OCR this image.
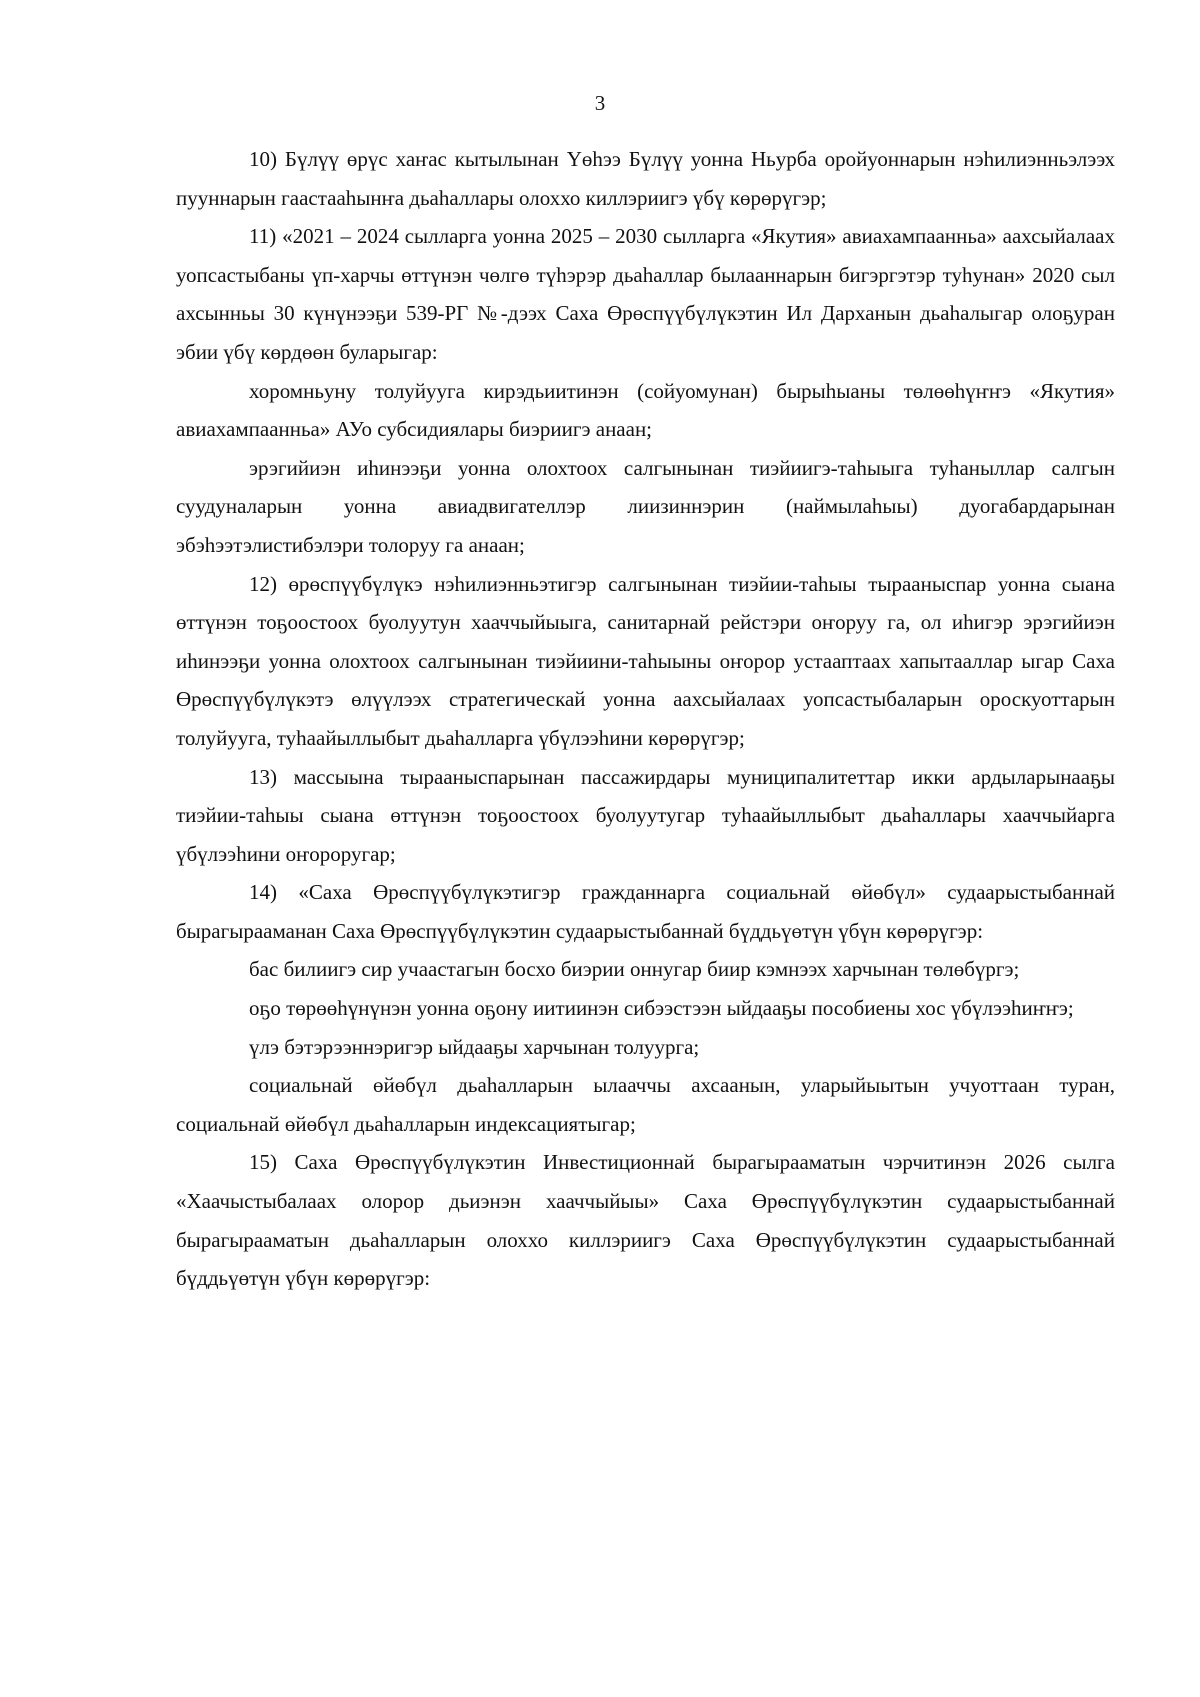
3

10) Бүлүү өрүс хаҥас кытылынан Үөһээ Бүлүү уонна Ньурба оройуоннарын нэһилиэнньэлээх пууннарын гаастааһынҥа дьаһаллары олоххо киллэриигэ үбү көрөрүгэр;

11) «2021 – 2024 сылларга уонна 2025 – 2030 сылларга «Якутия» авиахампаанньа» аахсыйалаах уопсастыбаны үп-харчы өттүнэн чөлгө түһэрэр дьаһаллар былааннарын бигэргэтэр туһунан» 2020 сыл ахсынньы 30 күнүнээҕи 539-РГ №-дээх Саха Өрөспүүбүлүкэтин Ил Дарханын дьаһалыгар олоҕуран эбии үбү көрдөөн буларыгар:

хоромньуну толуйууга кирэдьиитинэн (сойуомунан) бырыһыаны төлөөһүҥҥэ «Якутия» авиахампаанньа» АУо субсидиялары биэриигэ анаан;

эрэгийиэн иһинээҕи уонна олохтоох салгынынан тиэйиигэ-таһыыга туһаныллар салгын суудуналарын уонна авиадвигателлэр лиизиннэрин (наймылаһыы) дуогабардарынан эбэһээтэлистибэлэри толоруу гa анаан;

12) өрөспүүбүлүкэ нэһилиэнньэтигэр салгынынан тиэйии-таһыы тырааныспар уонна сыана өттүнэн тоҕоостоох буолуутун хааччыйыыга, санитарнай рейстэри оҥоруу гa, ол иһигэр эрэгийиэн иһинээҕи уонна олохтоох салгынынан тиэйиини-таһыыны оҥорор устааптаах хапытааллар ыгар Саха Өрөспүүбүлүкэтэ өлүүлээх стратегическай уонна аахсыйалаах уопсастыбаларын ороскуоттарын толуйууга, туһаайыллыбыт дьаһалларга үбүлээһини көрөрүгэр;

13) массыына тырааныспарынан пассажирдары муниципалитеттар икки ардыларынааҕы тиэйии-таһыы сыана өттүнэн тоҕоостоох буолуутугар туһаайыллыбыт дьаһаллары хааччыйарга үбүлээһини оҥороругар;

14) «Саха Өрөспүүбүлүкэтигэр гражданнарга социальнай өйөбүл» судаарыстыбаннай бырагырааманан Саха Өрөспүүбүлүкэтин судаарыстыбаннай бүддьүөтүн үбүн көрөрүгэр:

бас билиигэ сир учаастагын босхо биэрии оннугар биир кэмнээх харчынан төлөбүргэ;

оҕо төрөөһүнүнэн уонна оҕону иитиинэн сибээстээн ыйдааҕы пособиены хос үбүлээһиҥҥэ;

үлэ бэтэрээннэригэр ыйдааҕы харчынан толуурга;

социальнай өйөбүл дьаһалларын ылааччы ахсаанын, уларыйыытын учуоттаан туран, социальнай өйөбүл дьаһалларын индексациятыгар;

15) Саха Өрөспүүбүлүкэтин Инвестиционнай бырагырааматын чэрчитинэн 2026 сылга «Хаачыстыбалаах олорор дьиэнэн хааччыйыы» Саха Өрөспүүбүлүкэтин судаарыстыбаннай бырагырааматын дьаһалларын олоххо киллэриигэ Саха Өрөспүүбүлүкэтин судаарыстыбаннай бүддьүөтүн үбүн көрөрүгэр:
